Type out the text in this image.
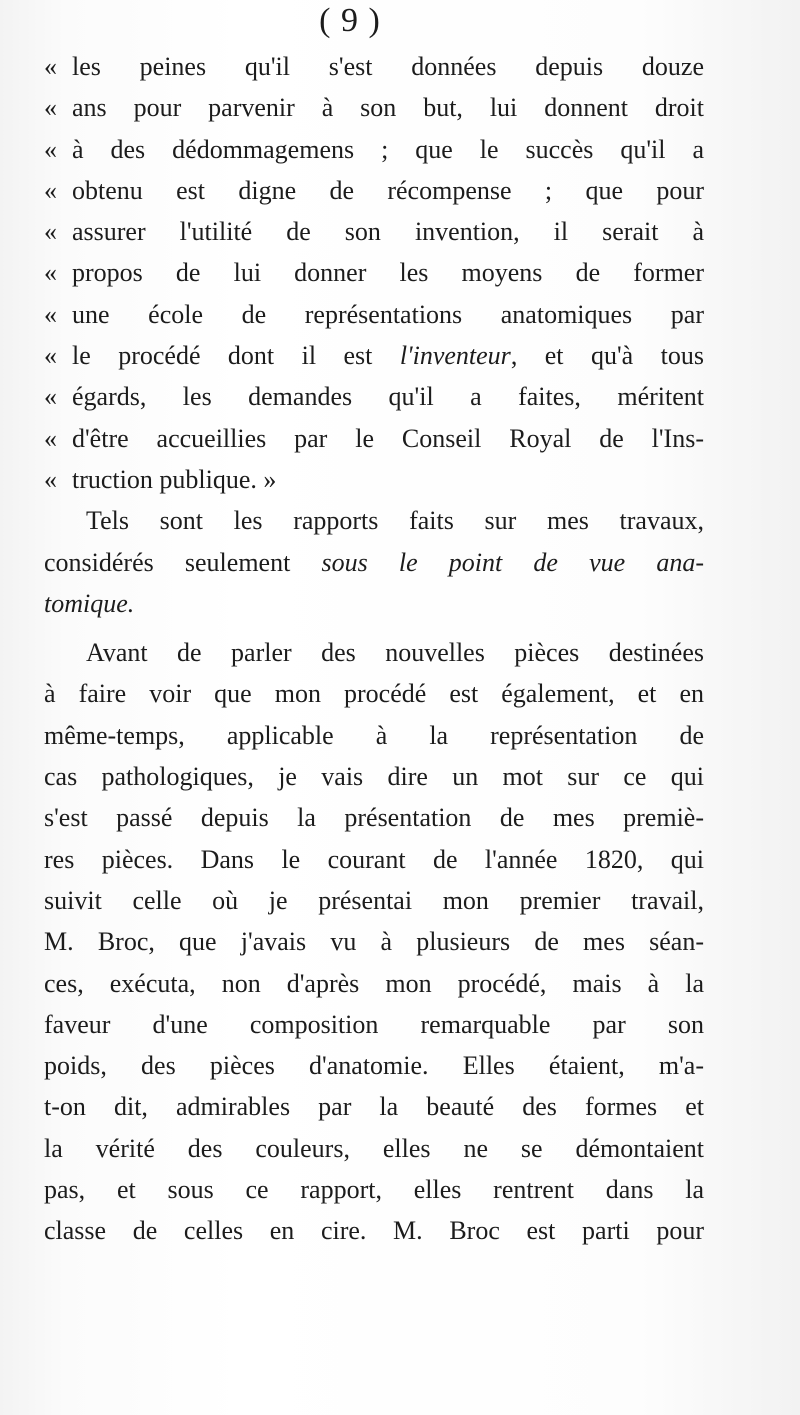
( 9 )
« les peines qu'il s'est données depuis douze
« ans pour parvenir à son but, lui donnent droit
« à des dédommagemens ; que le succès qu'il a
« obtenu est digne de récompense ; que pour
« assurer l'utilité de son invention, il serait à
« propos de lui donner les moyens de former
« une école de représentations anatomiques par
« le procédé dont il est l'inventeur, et qu'à tous
« égards, les demandes qu'il a faites, méritent
« d'être accueillies par le Conseil Royal de l'Ins-
« truction publique. »
Tels sont les rapports faits sur mes travaux,
considérés seulement sous le point de vue ana-
tomique.
Avant de parler des nouvelles pièces destinées
à faire voir que mon procédé est également, et en
même-temps, applicable à la représentation de
cas pathologiques, je vais dire un mot sur ce qui
s'est passé depuis la présentation de mes premiè-
res pièces. Dans le courant de l'année 1820, qui
suivit celle où je présentai mon premier travail,
M. Broc, que j'avais vu à plusieurs de mes séan-
ces, exécuta, non d'après mon procédé, mais à la
faveur d'une composition remarquable par son
poids, des pièces d'anatomie. Elles étaient, m'a-
t-on dit, admirables par la beauté des formes et
la vérité des couleurs, elles ne se démontaient
pas, et sous ce rapport, elles rentrent dans la
classe de celles en cire. M. Broc est parti pour
